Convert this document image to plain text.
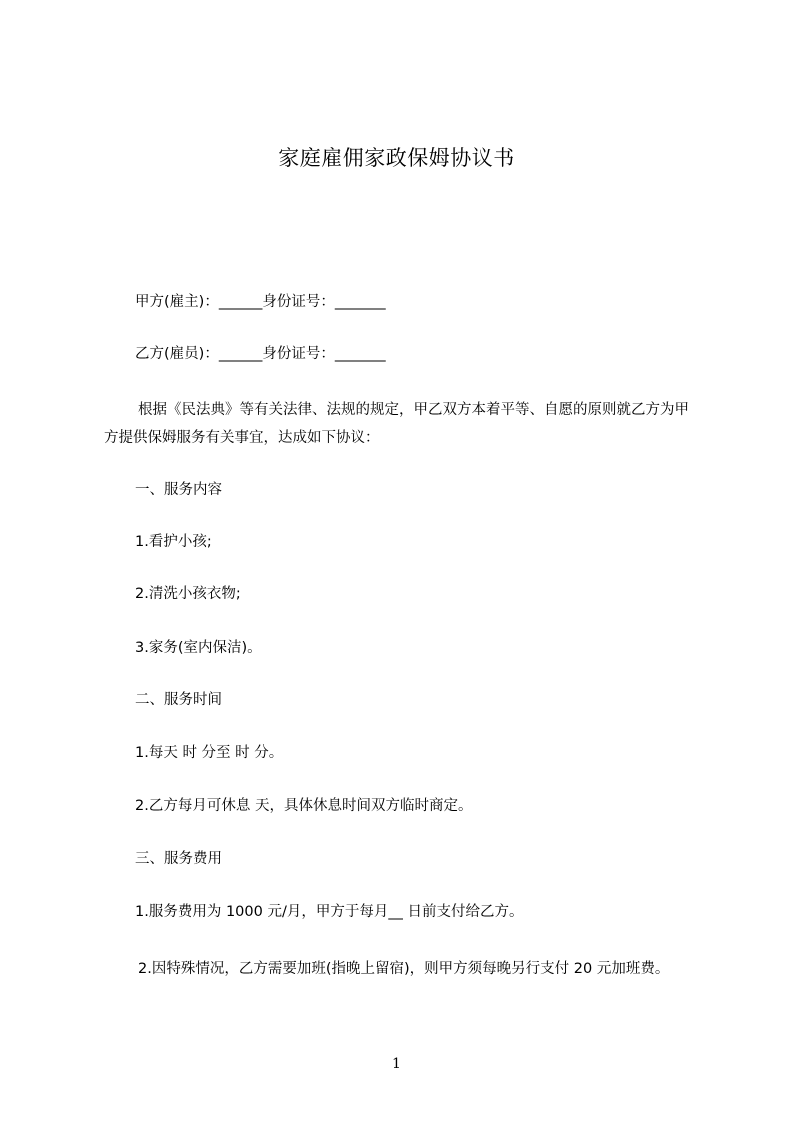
家庭雇佣家政保姆协议书
甲方(雇主)：______身份证号：_______
乙方(雇员)：______身份证号：_______
根据《民法典》等有关法律、法规的规定，甲乙双方本着平等、自愿的原则就乙方为甲方提供保姆服务有关事宜，达成如下协议：
一、服务内容
1.看护小孩;
2.清洗小孩衣物;
3.家务(室内保洁)。
二、服务时间
1.每天 时 分至 时 分。
2.乙方每月可休息 天，具体休息时间双方临时商定。
三、服务费用
1.服务费用为 1000 元/月，甲方于每月__ 日前支付给乙方。
2.因特殊情况，乙方需要加班(指晚上留宿)，则甲方须每晚另行支付 20 元加班费。
1
